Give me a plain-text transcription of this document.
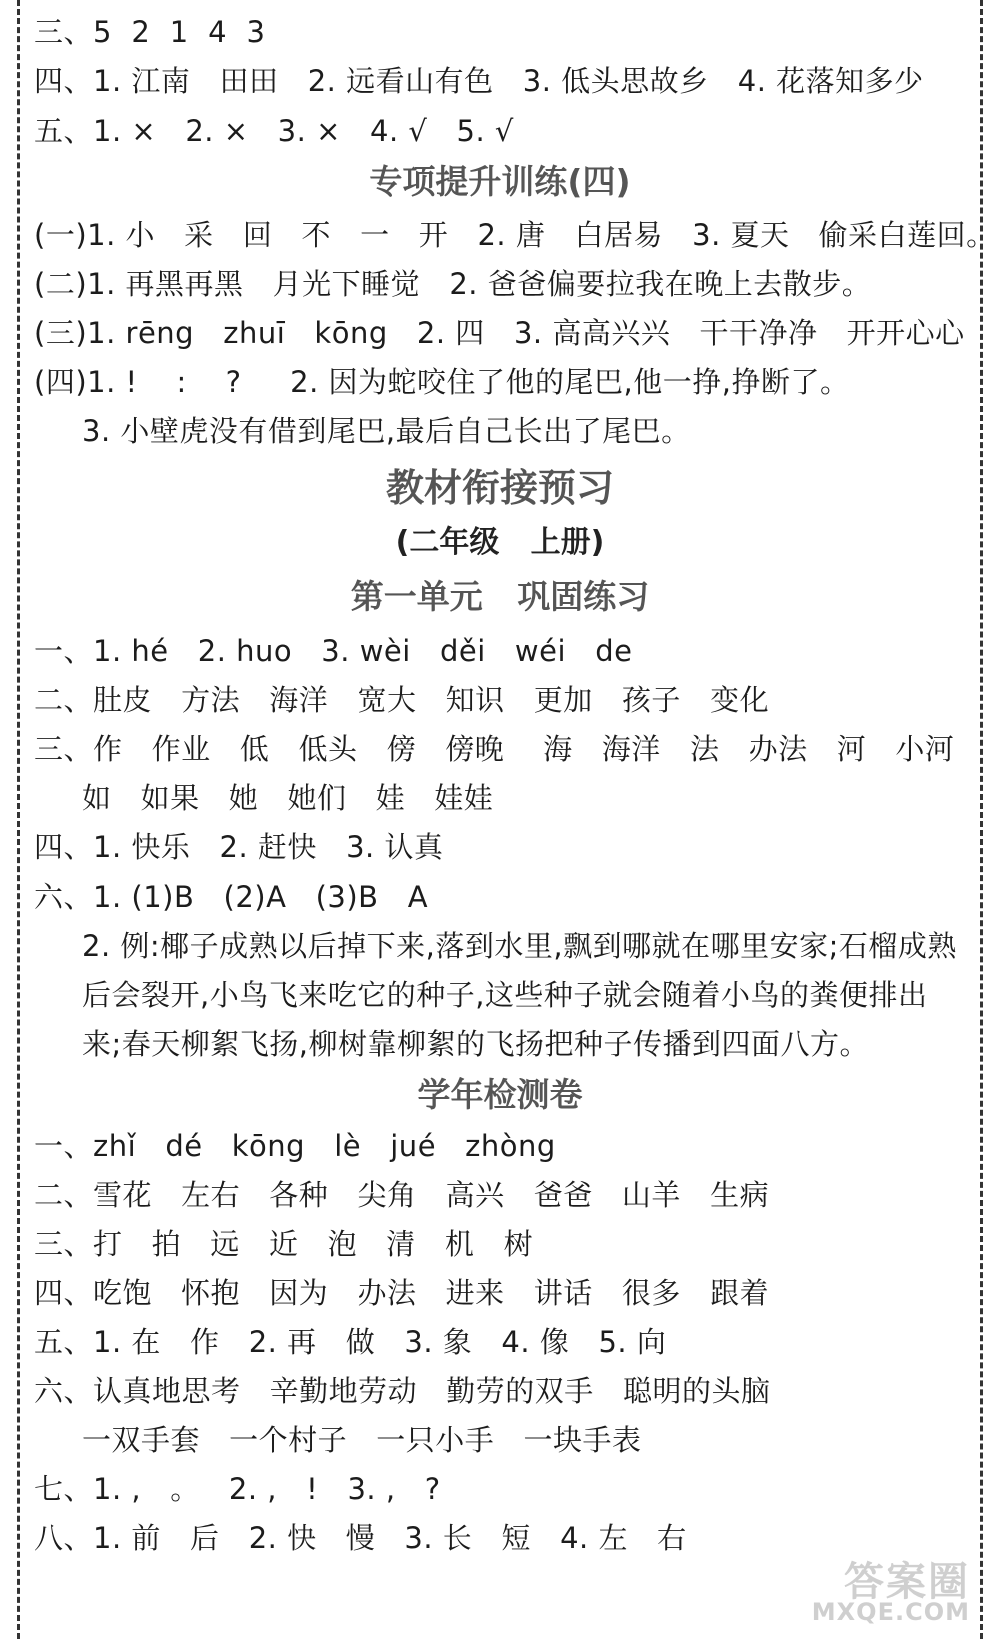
三、5  2  1  4  3
四、1. 江南   田田   2. 远看山有色   3. 低头思故乡   4. 花落知多少
五、1. ×   2. ×   3. ×   4. √   5. √
专项提升训练(四)
(一)1. 小   采   回   不   一   开   2. 唐   白居易   3. 夏天   偷采白莲回。
(二)1. 再黑再黑   月光下睡觉   2. 爸爸偏要拉我在晚上去散步。
(三)1. rēng   zhuī   kōng   2. 四   3. 高高兴兴   干干净净   开开心心
(四)1. !    :    ?     2. 因为蛇咬住了他的尾巴,他一挣,挣断了。
3. 小壁虎没有借到尾巴,最后自己长出了尾巴。
教材衔接预习
(二年级   上册)
第一单元   巩固练习
一、1. hé   2. huo   3. wèi   děi   wéi   de
二、肚皮   方法   海洋   宽大   知识   更加   孩子   变化
三、作   作业   低   低头   傍   傍晚    海   海洋   法   办法   河   小河
如   如果   她   她们   娃   娃娃
四、1. 快乐   2. 赶快   3. 认真
六、1. (1)B   (2)A   (3)B   A
2. 例:椰子成熟以后掉下来,落到水里,飘到哪就在哪里安家;石榴成熟
后会裂开,小鸟飞来吃它的种子,这些种子就会随着小鸟的粪便排出
来;春天柳絮飞扬,柳树靠柳絮的飞扬把种子传播到四面八方。
学年检测卷
一、zhǐ   dé   kōng   lè   jué   zhòng
二、雪花   左右   各种   尖角   高兴   爸爸   山羊   生病
三、打   拍   远   近   泡   清   机   树
四、吃饱   怀抱   因为   办法   进来   讲话   很多   跟着
五、1. 在   作   2. 再   做   3. 象   4. 像   5. 向
六、认真地思考   辛勤地劳动   勤劳的双手   聪明的头脑
一双手套   一个村子   一只小手   一块手表
七、1. ,   。   2. ,   !   3. ,   ?
八、1. 前   后   2. 快   慢   3. 长   短   4. 左   右
答案圈
MXQE.COM
